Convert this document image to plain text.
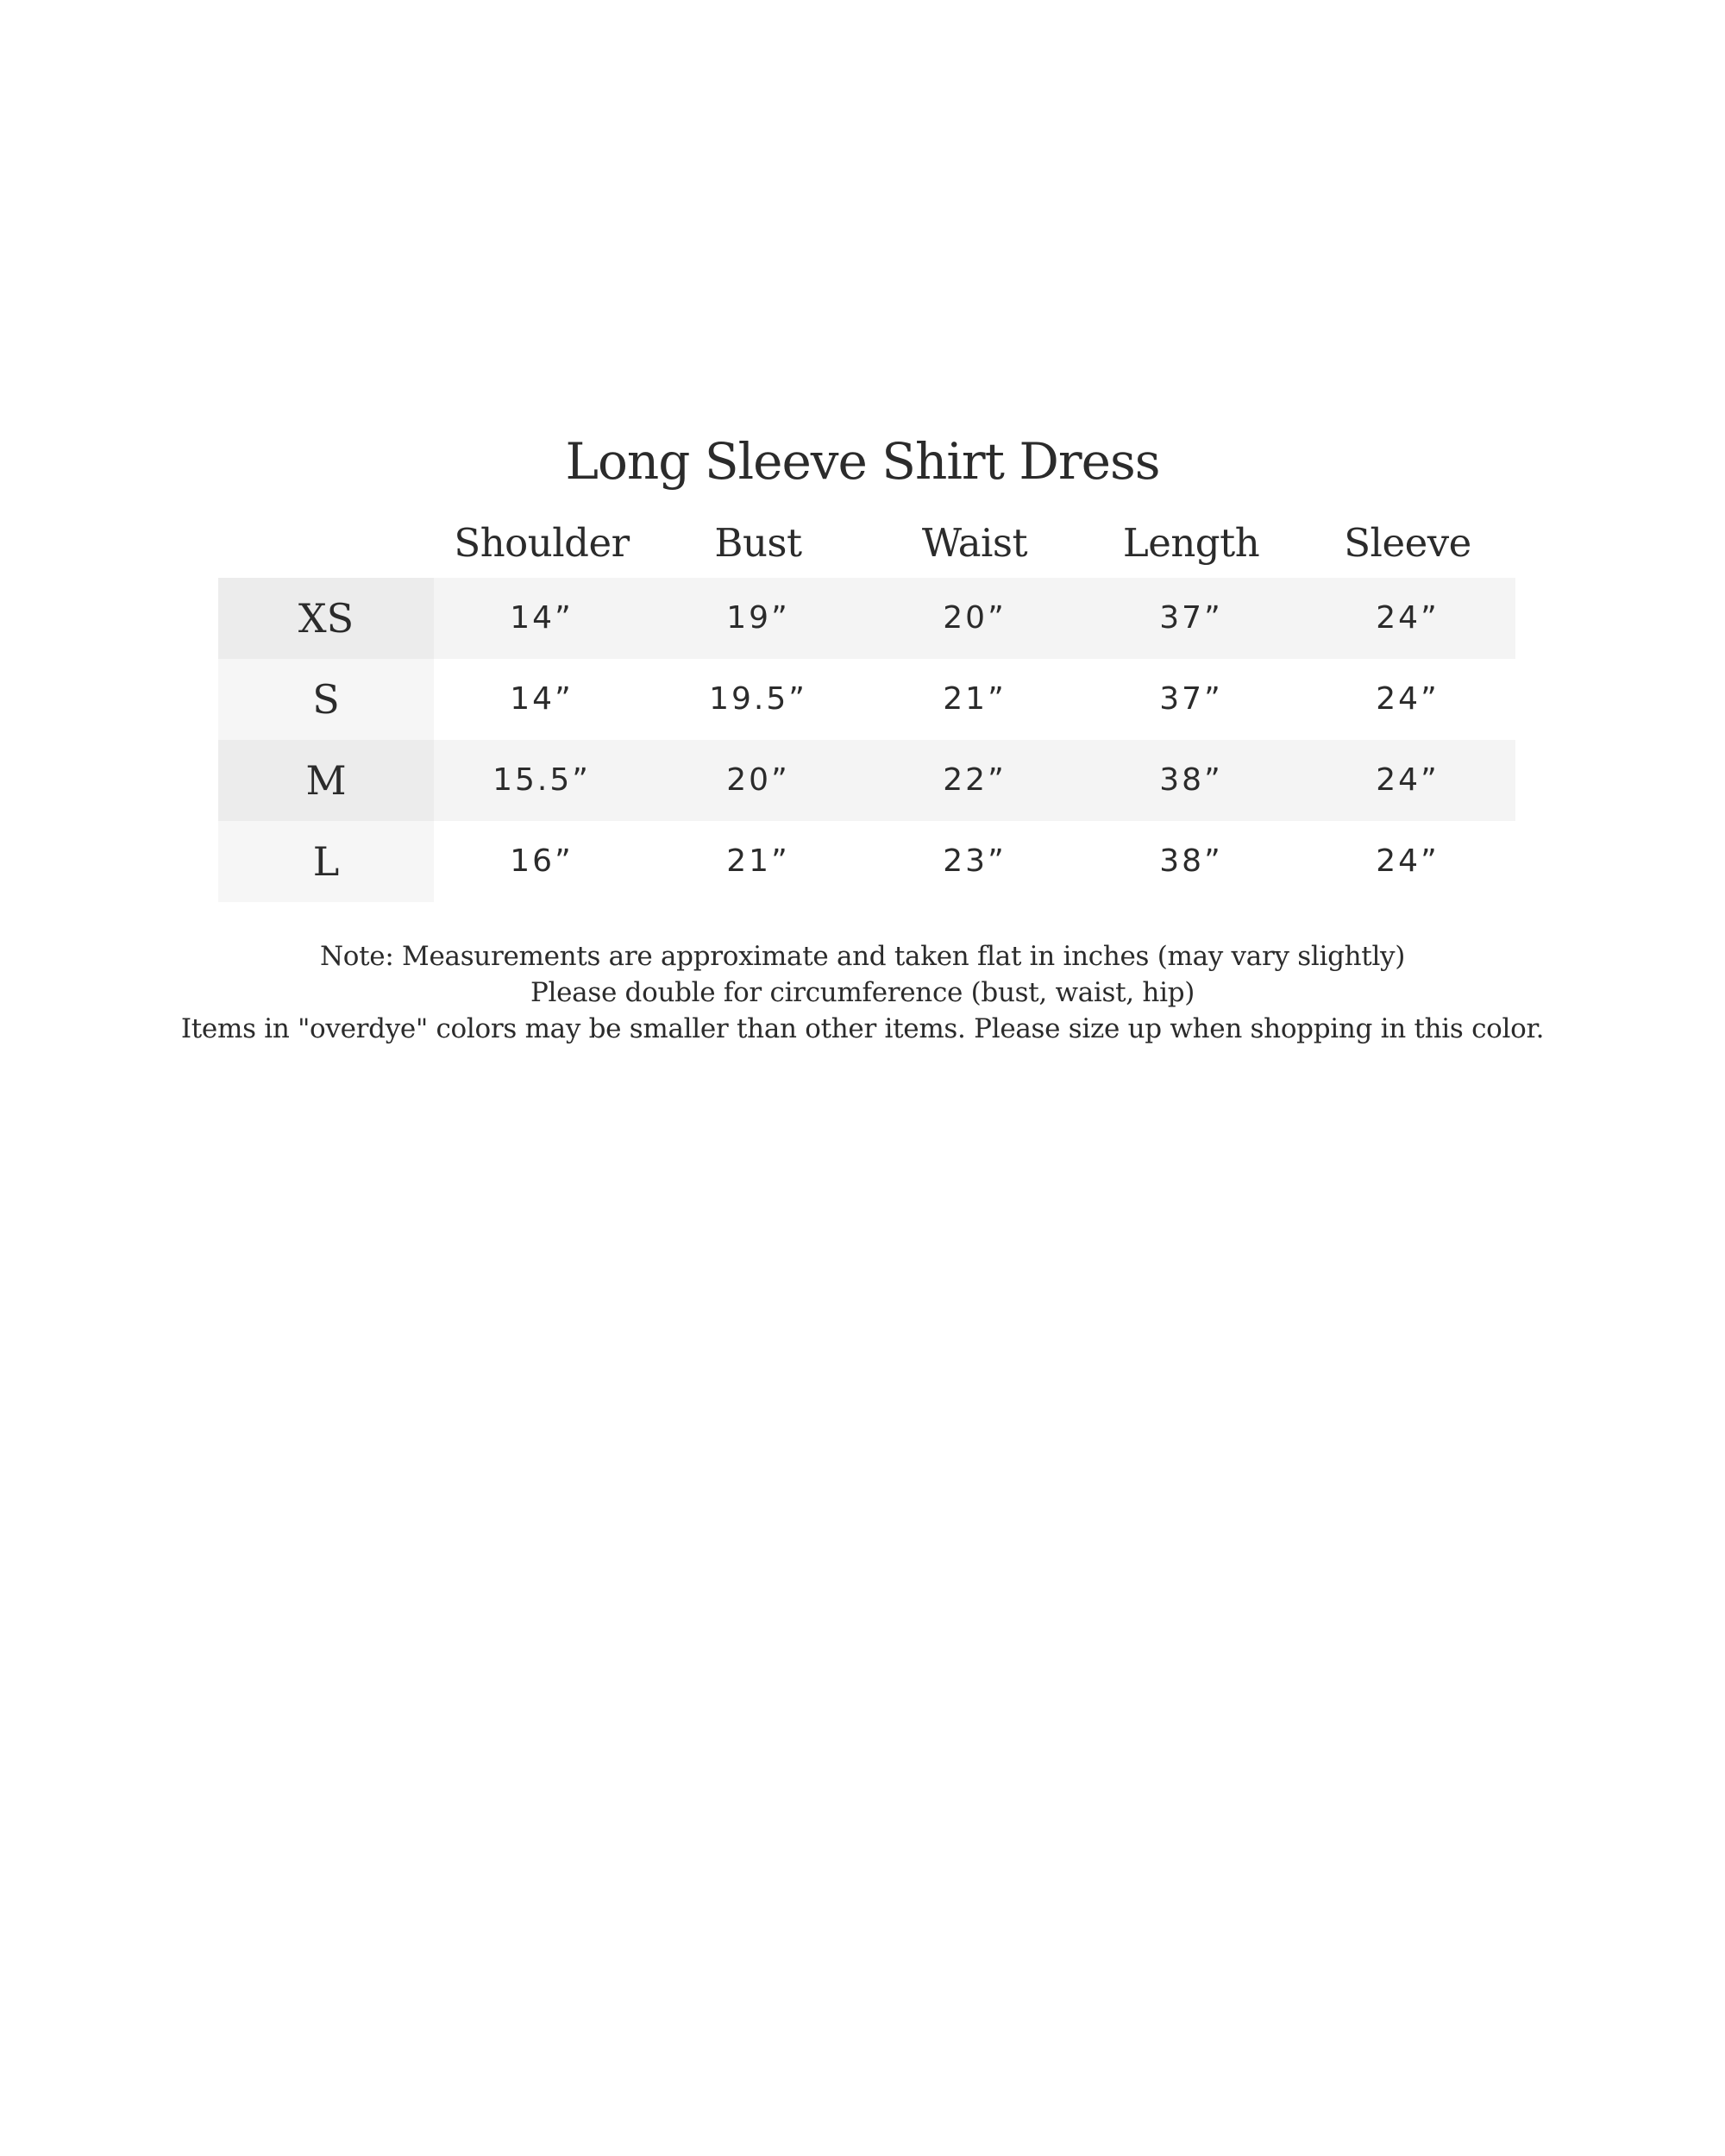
Long Sleeve Shirt Dress
Shoulder	Bust	Waist	Length	Sleeve
XS	14”	19”	20”	37”	24”
S	14”	19.5”	21”	37”	24”
M	15.5”	20”	22”	38”	24”
L	16”	21”	23”	38”	24”
Note: Measurements are approximate and taken flat in inches (may vary slightly)
Please double for circumference (bust, waist, hip)
Items in "overdye" colors may be smaller than other items. Please size up when shopping in this color.
